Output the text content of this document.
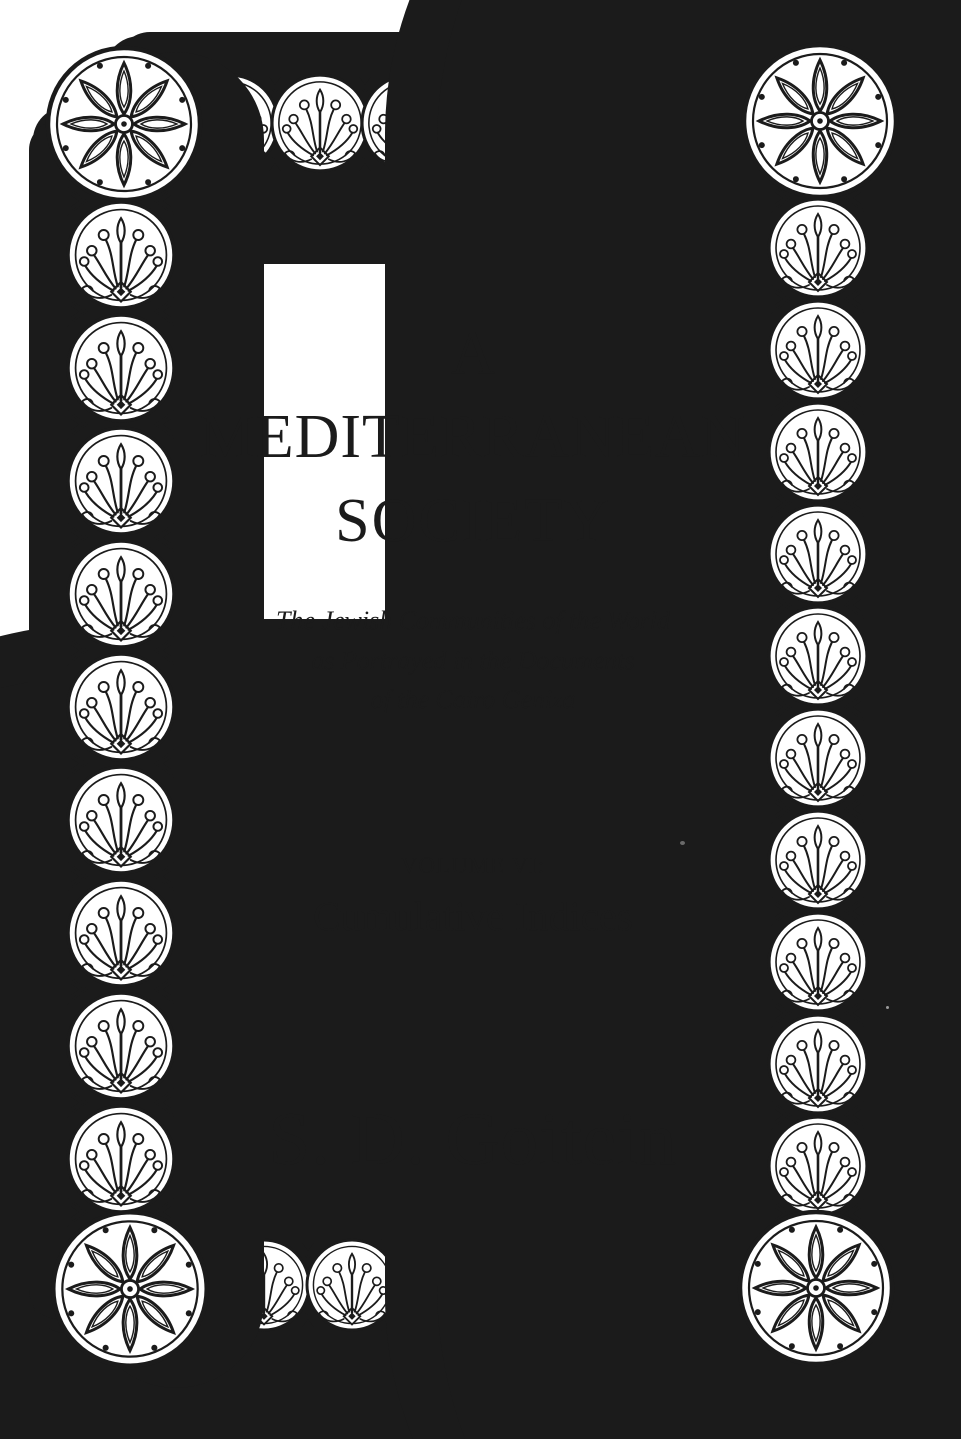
A
MEDITERRANEAN
SOCIETY
The Jewish Communities of the World
as Portrayed in the Documents
of the Cairo Geniza
VOLUME VI:
Cumulative Indices
S. D. Goitein
